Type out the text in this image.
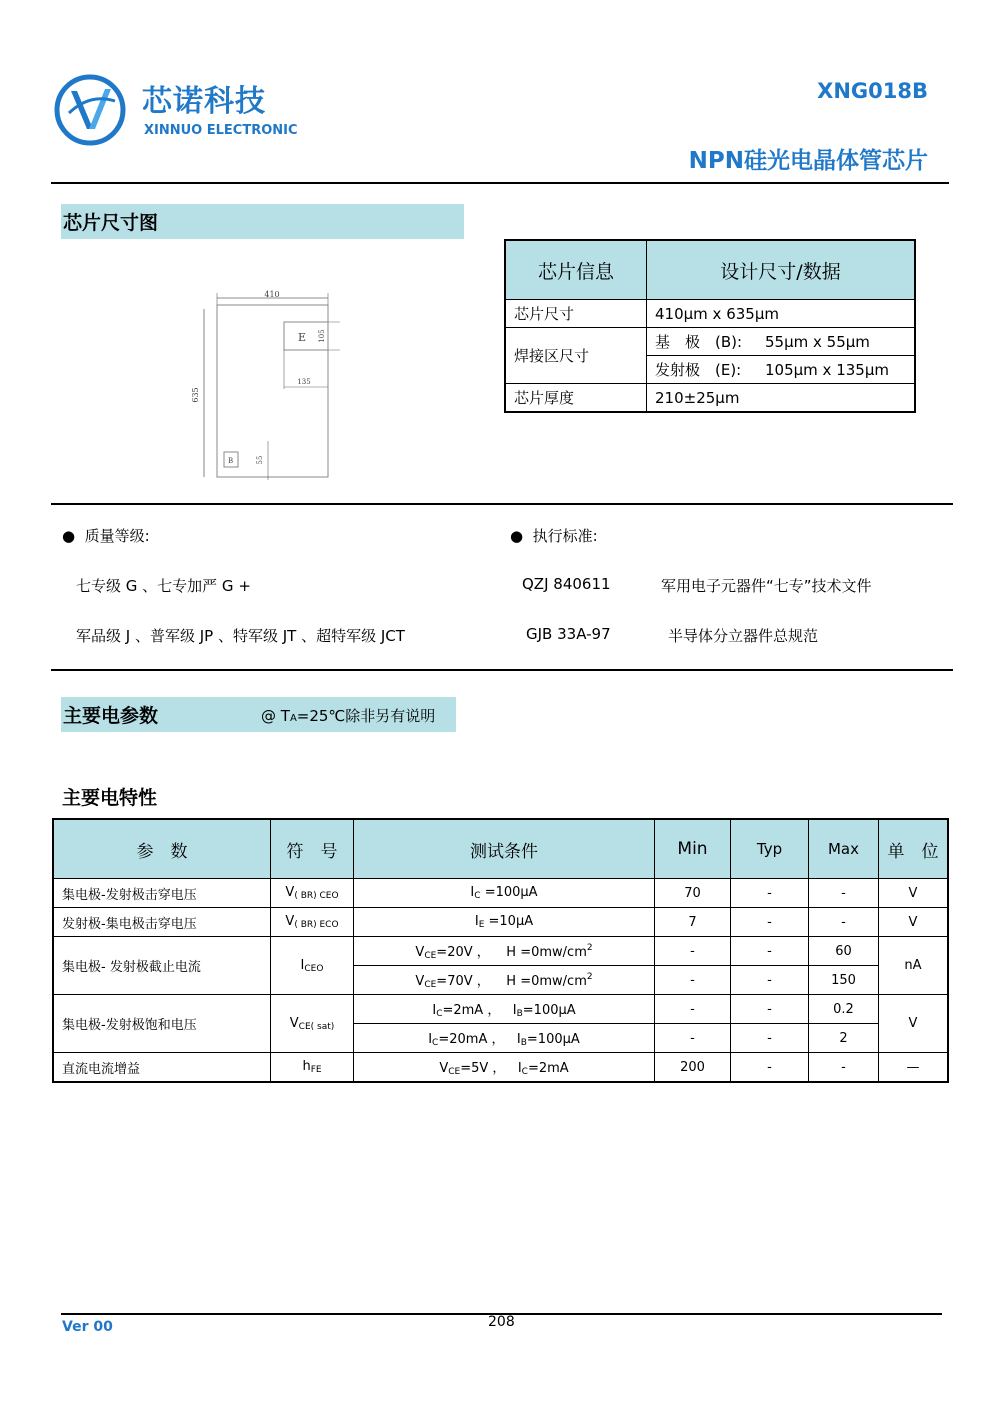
芯诺科技
XINNUO ELECTRONIC
XNG018B
NPN硅光电晶体管芯片
芯片尺寸图
410
635
E 105
135
B	55
芯片信息	设计尺寸/数据
芯片尺寸	410μm x 635μm
焊接区尺寸	基　极　(B): 55μm x 55μm
	发射极　(E): 105μm x 135μm
芯片厚度	210±25μm
●  质量等级:
七专级 G 、七专加严 G +
军品级 J 、普军级 JP 、特军级 JT 、超特军级 JCT
●  执行标准:
QZJ 840611	军用电子元器件“七专”技术文件
GJB 33A-97	半导体分立器件总规范
主要电参数	@ TA=25℃除非另有说明
主要电特性
参　数	符　号	测试条件	Min	Typ	Max	单　位
集电极-发射极击穿电压	$V_{( BR) CEO}$	$I_C =100\mu A$	70	-	-	V
发射极-集电极击穿电压	$V_{( BR) ECO}$	$I_E =10\mu A$	7	-	-	V
集电极- 发射极截止电流	$I_{CEO}$	$V_{CE}=20V$ ， $H =0mw/cm^2$	-	-	60	nA
		$V_{CE}=70V$ ， $H =0mw/cm^2$	-	-	150	
集电极-发射极饱和电压	$V_{CE( sat)}$	$I_C=2mA$ ， $I_B=100\mu A$	-	-	0.2	V
		$I_C=20mA$ ， $I_B=100\mu A$	-	-	2	
直流电流增益	$h_{FE}$	$V_{CE}=5V$ ， $I_C=2mA$	200	-	-	—
Ver 00	208
